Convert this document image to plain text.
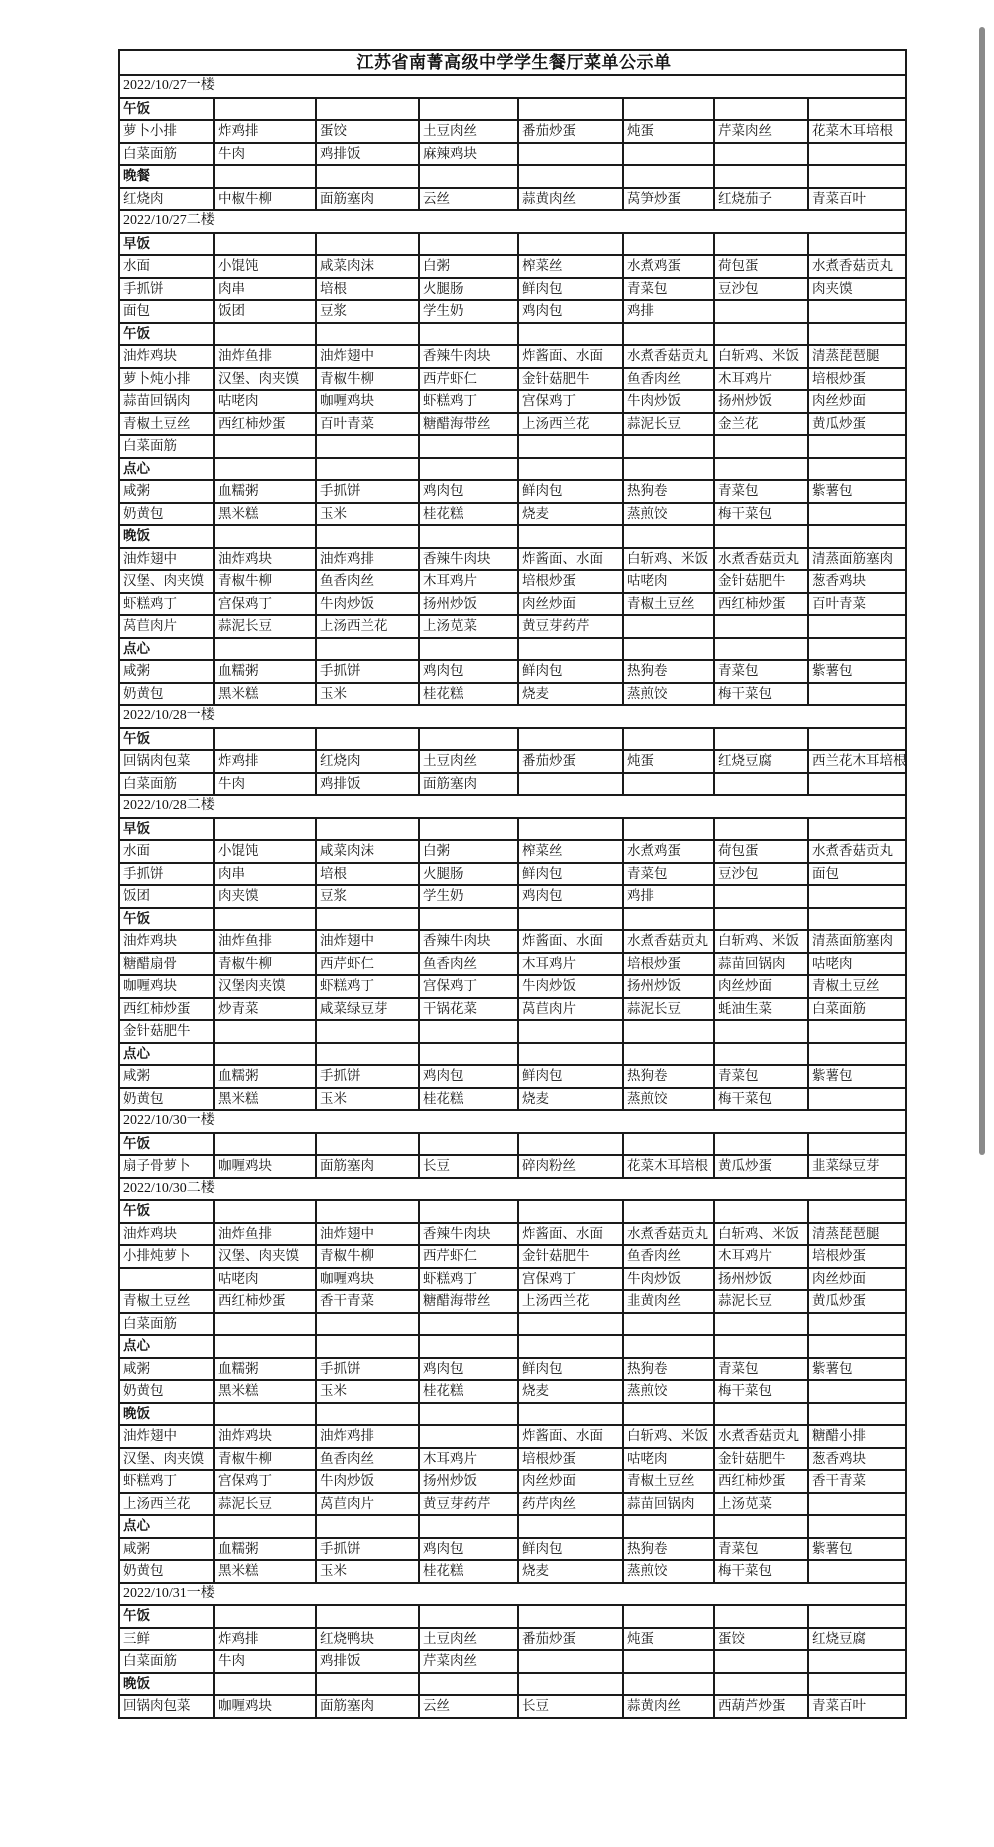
江苏省南菁高级中学学生餐厅菜单公示单							
2022/10/27一楼							
午饭							
萝卜小排	炸鸡排	蛋饺	土豆肉丝	番茄炒蛋	炖蛋	芹菜肉丝	花菜木耳培根
白菜面筋	牛肉	鸡排饭	麻辣鸡块				
晚餐							
红烧肉	中椒牛柳	面筋塞肉	云丝	蒜黄肉丝	莴笋炒蛋	红烧茄子	青菜百叶
2022/10/27二楼							
早饭							
水面	小馄饨	咸菜肉沫	白粥	榨菜丝	水煮鸡蛋	荷包蛋	水煮香菇贡丸
手抓饼	肉串	培根	火腿肠	鲜肉包	青菜包	豆沙包	肉夹馍
面包	饭团	豆浆	学生奶	鸡肉包	鸡排		
午饭							
油炸鸡块	油炸鱼排	油炸翅中	香辣牛肉块	炸酱面、水面	水煮香菇贡丸	白斩鸡、米饭	清蒸琵琶腿
萝卜炖小排	汉堡、肉夹馍	青椒牛柳	西芹虾仁	金针菇肥牛	鱼香肉丝	木耳鸡片	培根炒蛋
蒜苗回锅肉	咕咾肉	咖喱鸡块	虾糕鸡丁	宫保鸡丁	牛肉炒饭	扬州炒饭	肉丝炒面
青椒土豆丝	西红柿炒蛋	百叶青菜	糖醋海带丝	上汤西兰花	蒜泥长豆	金兰花	黄瓜炒蛋
白菜面筋							
点心							
咸粥	血糯粥	手抓饼	鸡肉包	鲜肉包	热狗卷	青菜包	紫薯包
奶黄包	黑米糕	玉米	桂花糕	烧麦	蒸煎饺	梅干菜包	
晚饭							
油炸翅中	油炸鸡块	油炸鸡排	香辣牛肉块	炸酱面、水面	白斩鸡、米饭	水煮香菇贡丸	清蒸面筋塞肉
汉堡、肉夹馍	青椒牛柳	鱼香肉丝	木耳鸡片	培根炒蛋	咕咾肉	金针菇肥牛	葱香鸡块
虾糕鸡丁	宫保鸡丁	牛肉炒饭	扬州炒饭	肉丝炒面	青椒土豆丝	西红柿炒蛋	百叶青菜
莴苣肉片	蒜泥长豆	上汤西兰花	上汤苋菜	黄豆芽药芹			
点心							
咸粥	血糯粥	手抓饼	鸡肉包	鲜肉包	热狗卷	青菜包	紫薯包
奶黄包	黑米糕	玉米	桂花糕	烧麦	蒸煎饺	梅干菜包	
2022/10/28一楼							
午饭							
回锅肉包菜	炸鸡排	红烧肉	土豆肉丝	番茄炒蛋	炖蛋	红烧豆腐	西兰花木耳培根
白菜面筋	牛肉	鸡排饭	面筋塞肉				
2022/10/28二楼							
早饭							
水面	小馄饨	咸菜肉沫	白粥	榨菜丝	水煮鸡蛋	荷包蛋	水煮香菇贡丸
手抓饼	肉串	培根	火腿肠	鲜肉包	青菜包	豆沙包	面包
饭团	肉夹馍	豆浆	学生奶	鸡肉包	鸡排		
午饭							
油炸鸡块	油炸鱼排	油炸翅中	香辣牛肉块	炸酱面、水面	水煮香菇贡丸	白斩鸡、米饭	清蒸面筋塞肉
糖醋扇骨	青椒牛柳	西芹虾仁	鱼香肉丝	木耳鸡片	培根炒蛋	蒜苗回锅肉	咕咾肉
咖喱鸡块	汉堡肉夹馍	虾糕鸡丁	宫保鸡丁	牛肉炒饭	扬州炒饭	肉丝炒面	青椒土豆丝
西红柿炒蛋	炒青菜	咸菜绿豆芽	干锅花菜	莴苣肉片	蒜泥长豆	蚝油生菜	白菜面筋
金针菇肥牛							
点心							
咸粥	血糯粥	手抓饼	鸡肉包	鲜肉包	热狗卷	青菜包	紫薯包
奶黄包	黑米糕	玉米	桂花糕	烧麦	蒸煎饺	梅干菜包	
2022/10/30一楼							
午饭							
扇子骨萝卜	咖喱鸡块	面筋塞肉	长豆	碎肉粉丝	花菜木耳培根	黄瓜炒蛋	韭菜绿豆芽
2022/10/30二楼							
午饭							
油炸鸡块	油炸鱼排	油炸翅中	香辣牛肉块	炸酱面、水面	水煮香菇贡丸	白斩鸡、米饭	清蒸琵琶腿
小排炖萝卜	汉堡、肉夹馍	青椒牛柳	西芹虾仁	金针菇肥牛	鱼香肉丝	木耳鸡片	培根炒蛋
	咕咾肉	咖喱鸡块	虾糕鸡丁	宫保鸡丁	牛肉炒饭	扬州炒饭	肉丝炒面
青椒土豆丝	西红柿炒蛋	香干青菜	糖醋海带丝	上汤西兰花	韭黄肉丝	蒜泥长豆	黄瓜炒蛋
白菜面筋							
点心							
咸粥	血糯粥	手抓饼	鸡肉包	鲜肉包	热狗卷	青菜包	紫薯包
奶黄包	黑米糕	玉米	桂花糕	烧麦	蒸煎饺	梅干菜包	
晚饭							
油炸翅中	油炸鸡块	油炸鸡排		炸酱面、水面	白斩鸡、米饭	水煮香菇贡丸	糖醋小排
汉堡、肉夹馍	青椒牛柳	鱼香肉丝	木耳鸡片	培根炒蛋	咕咾肉	金针菇肥牛	葱香鸡块
虾糕鸡丁	宫保鸡丁	牛肉炒饭	扬州炒饭	肉丝炒面	青椒土豆丝	西红柿炒蛋	香干青菜
上汤西兰花	蒜泥长豆	莴苣肉片	黄豆芽药芹	药芹肉丝	蒜苗回锅肉	上汤苋菜	
点心							
咸粥	血糯粥	手抓饼	鸡肉包	鲜肉包	热狗卷	青菜包	紫薯包
奶黄包	黑米糕	玉米	桂花糕	烧麦	蒸煎饺	梅干菜包	
2022/10/31一楼							
午饭							
三鲜	炸鸡排	红烧鸭块	土豆肉丝	番茄炒蛋	炖蛋	蛋饺	红烧豆腐
白菜面筋	牛肉	鸡排饭	芹菜肉丝				
晚饭							
回锅肉包菜	咖喱鸡块	面筋塞肉	云丝	长豆	蒜黄肉丝	西葫芦炒蛋	青菜百叶
